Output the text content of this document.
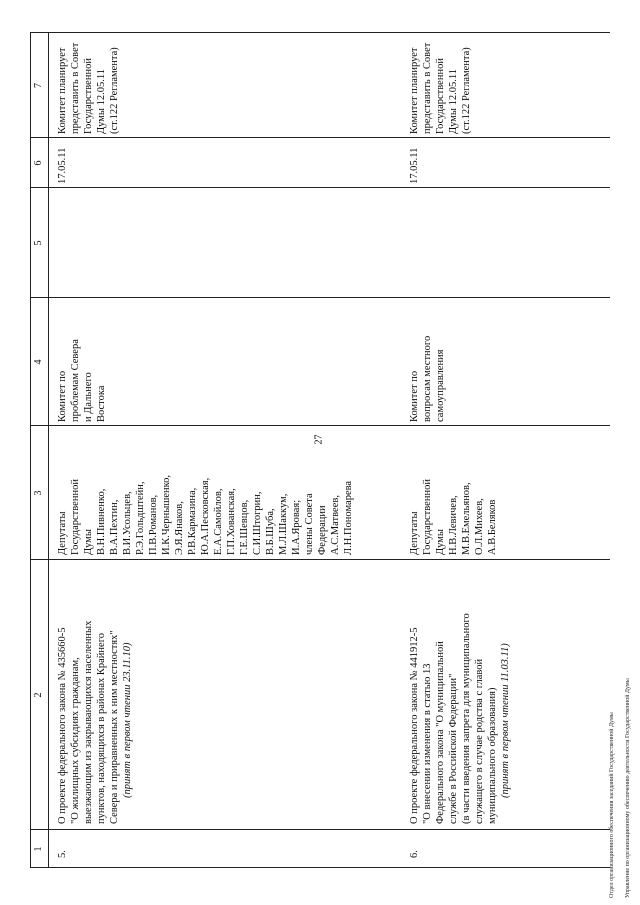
27
1
2
3
4
5
6
7
5.
О проекте федерального закона № 435660-5
"О жилищных субсидиях гражданам,
выезжающим из закрывающихся населенных
пунктов, находящихся в районах Крайнего
Севера и приравненных к ним местностях" (принят в первом чтении 23.11.10)
Депутаты
Государственной
Думы
В.Н.Пивненко,
В.А.Пехтин,
В.И.Усольцев,
Р.Э.Гольдштейн,
П.В.Романов,
И.К.Чернышенко,
Э.Я.Янаков,
Р.В.Кармазина,
Ю.А.Песковская,
Е.А.Самойлов,
Г.П.Хованская,
Г.Е.Шевцов,
С.И.Штогрин,
В.Б.Шуба,
М.Л.Шаккум,
И.А.Яровая;
члены Совета
Федерации
А.С.Матвеев,
Л.Н.Пономарева
Комитет по
проблемам Севера
и Дальнего
Востока
17.05.11
Комитет планирует
представить в Совет
Государственной
Думы 12.05.11
(ст.122 Регламента)
6.
О проекте федерального закона № 441912-5
"О внесении изменения в статью 13
Федерального закона "О муниципальной
службе в Российской Федерации"
(в части введения запрета для муниципального
служащего в случае родства с главой
муниципального образования) (принят в первом чтении 11.03.11)
Депутаты
Государственной
Думы
Н.В.Левичев,
М.В.Емельянов,
О.Л.Михеев,
А.В.Беляков
Комитет по
вопросам местного
самоуправления
17.05.11
Комитет планирует
представить в Совет
Государственной
Думы 12.05.11
(ст.122 Регламента)

Отдел организационного обеспечения заседаний Государственной Думы Управление по организационному обеспечению деятельности Государственной Думы
